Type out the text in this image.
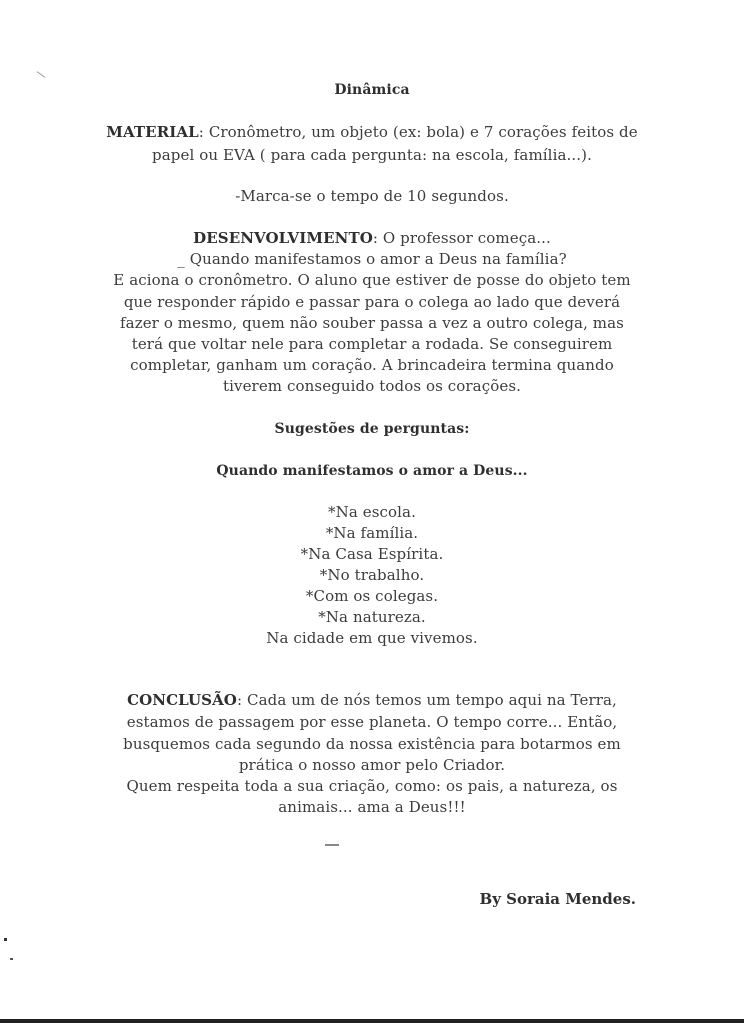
Dinâmica
MATERIAL: Cronômetro, um objeto (ex: bola) e 7 corações feitos de
papel ou EVA ( para cada pergunta: na escola, família...).
-Marca-se o tempo de 10 segundos.
DESENVOLVIMENTO: O professor começa...
_ Quando manifestamos o amor a Deus na família?
E aciona o cronômetro. O aluno que estiver de posse do objeto tem
que responder rápido e passar para o colega ao lado que deverá
fazer o mesmo, quem não souber passa a vez a outro colega, mas
terá que voltar nele para completar a rodada. Se conseguirem
completar, ganham um coração. A brincadeira termina quando
tiverem conseguido todos os corações.
Sugestões de perguntas:
Quando manifestamos o amor a Deus...
*Na escola.
*Na família.
*Na Casa Espírita.
*No trabalho.
*Com os colegas.
*Na natureza.
Na cidade em que vivemos.
CONCLUSÃO: Cada um de nós temos um tempo aqui na Terra,
estamos de passagem por esse planeta. O tempo corre... Então,
busquemos cada segundo da nossa existência para botarmos em
prática o nosso amor pelo Criador.
Quem respeita toda a sua criação, como: os pais, a natureza, os
animais... ama a Deus!!!
By Soraia Mendes.
